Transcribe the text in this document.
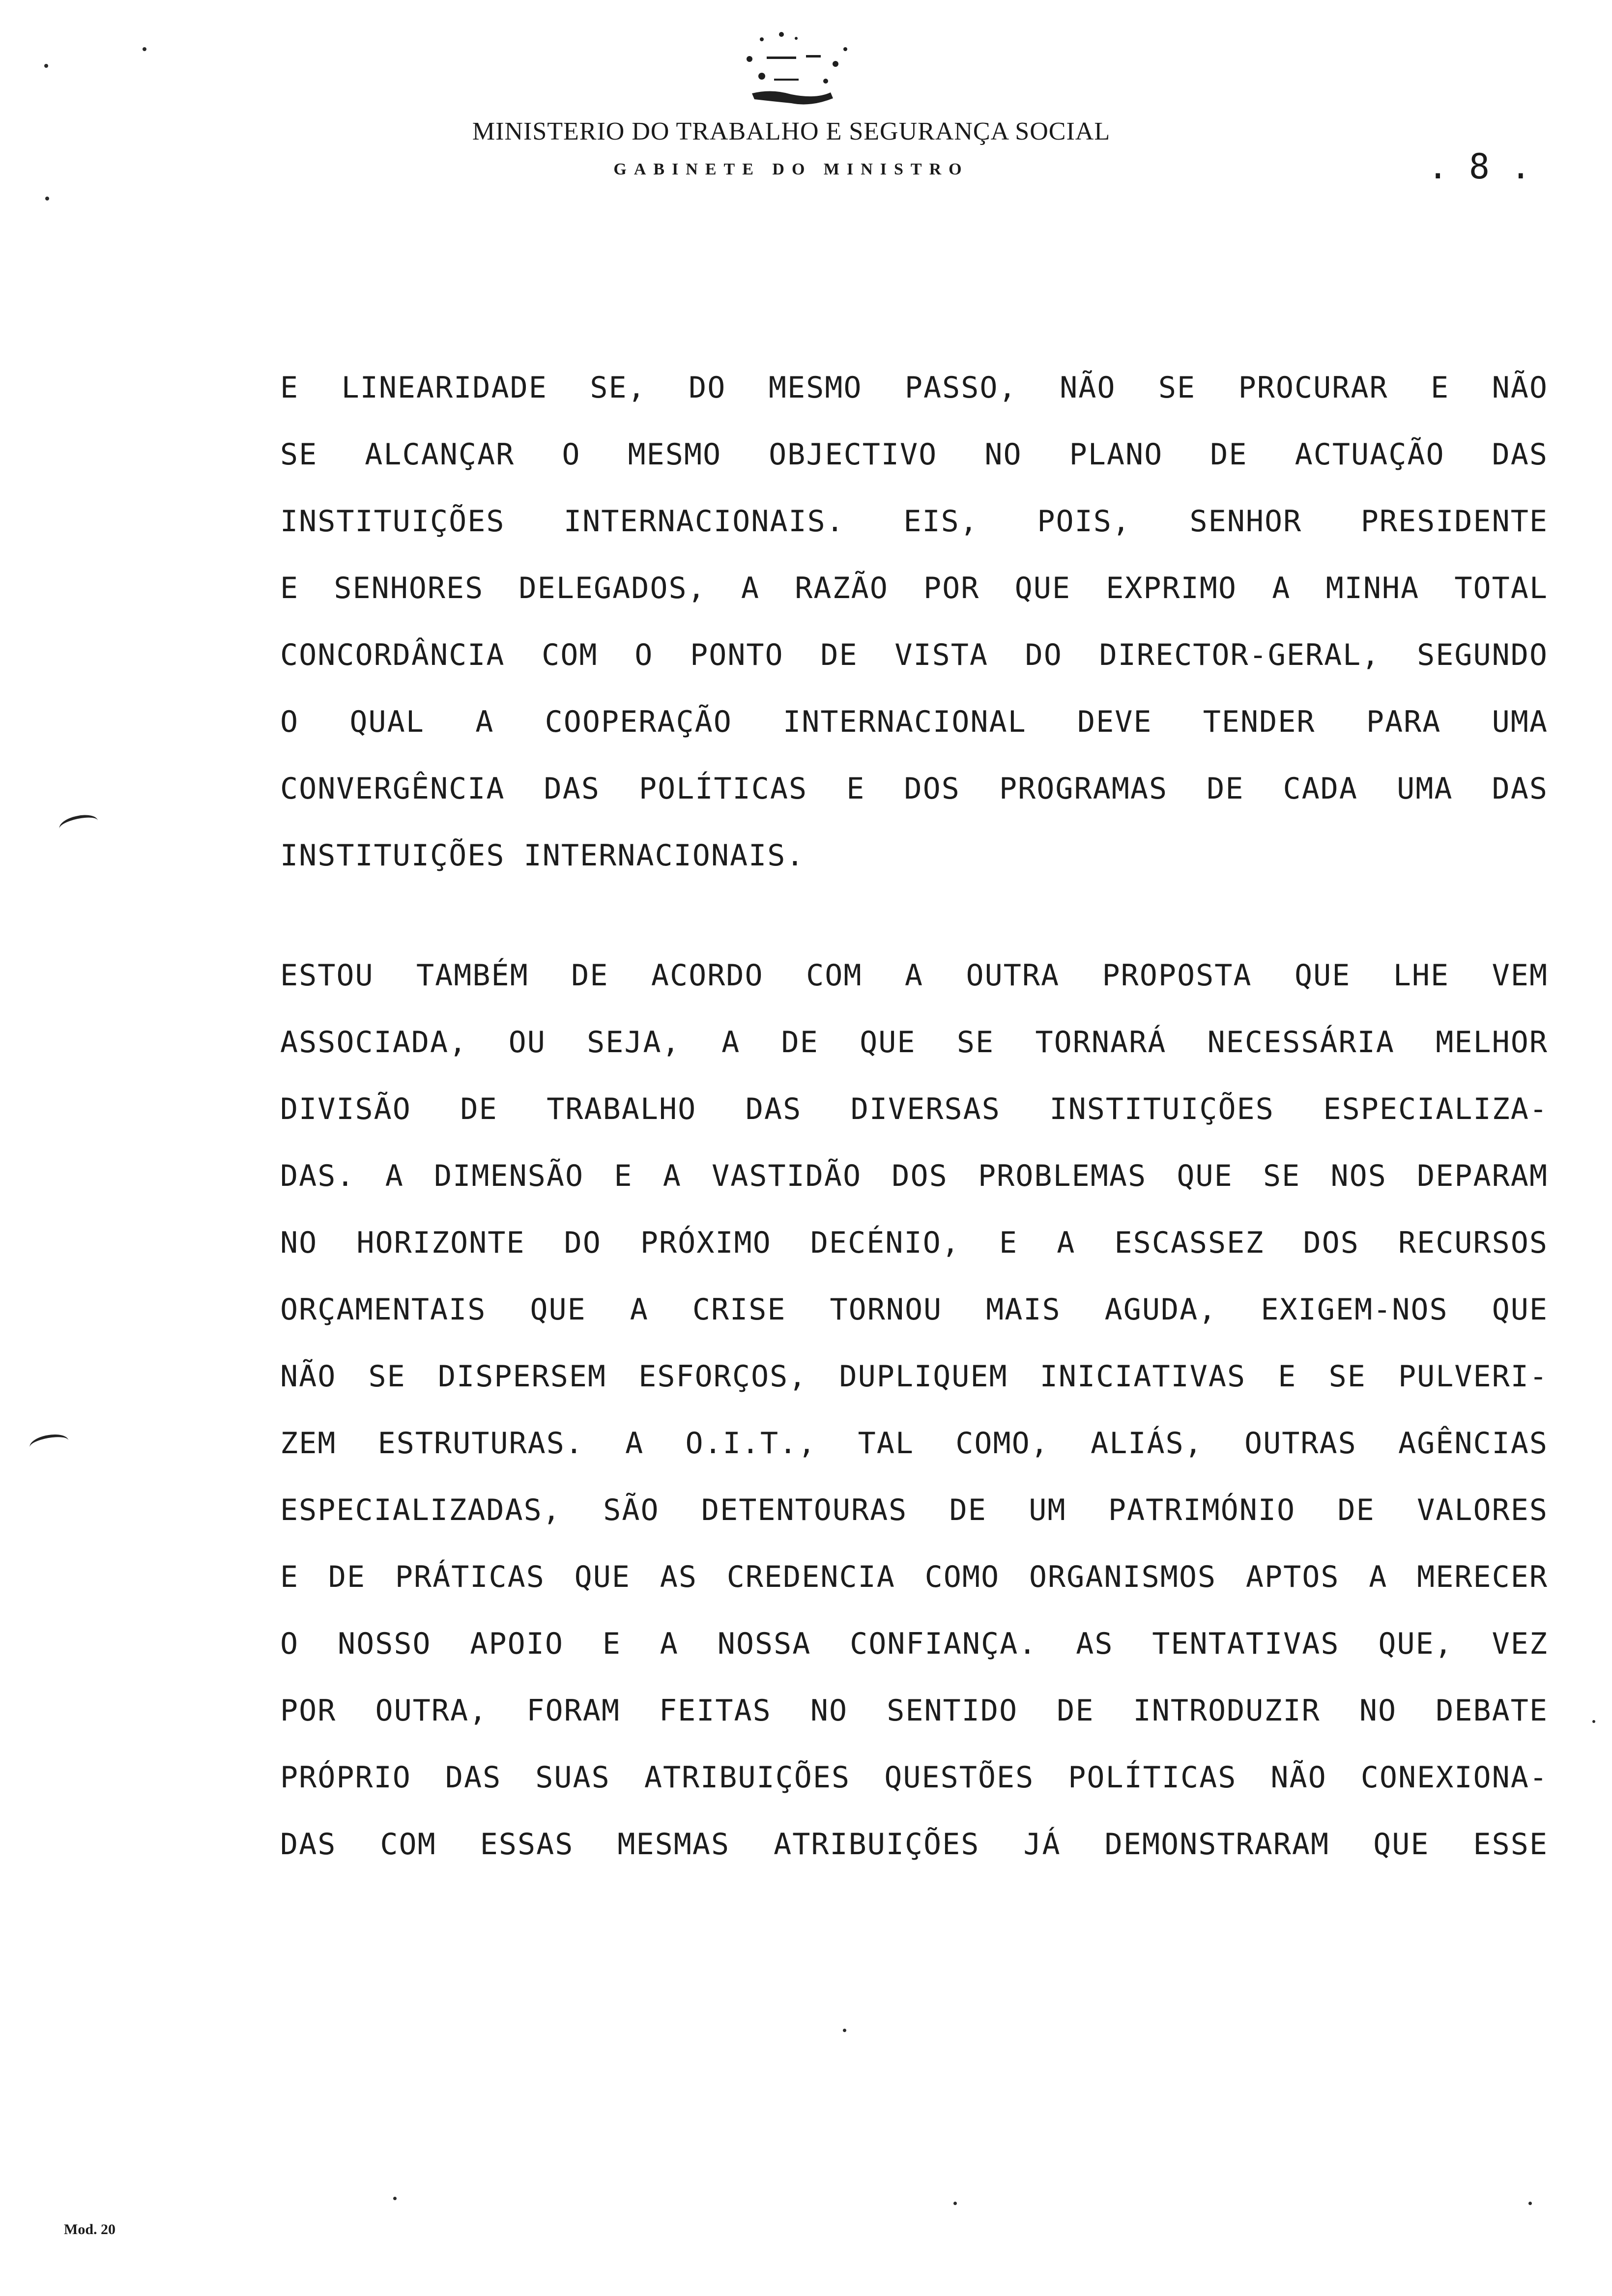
MINISTERIO DO TRABALHO E SEGURANÇA SOCIAL
GABINETE DO MINISTRO	. 8 .
E LINEARIDADE SE, DO MESMO PASSO, NÃO SE PROCURAR E NÃO
SE ALCANÇAR O MESMO OBJECTIVO NO PLANO DE ACTUAÇÃO DAS
INSTITUIÇÕES INTERNACIONAIS. EIS, POIS, SENHOR PRESIDENTE
E SENHORES DELEGADOS, A RAZÃO POR QUE EXPRIMO A MINHA TOTAL
CONCORDÂNCIA COM O PONTO DE VISTA DO DIRECTOR-GERAL, SEGUNDO
O QUAL A COOPERAÇÃO INTERNACIONAL DEVE TENDER PARA UMA
CONVERGÊNCIA DAS POLÍTICAS E DOS PROGRAMAS DE CADA UMA DAS
INSTITUIÇÕES INTERNACIONAIS.
ESTOU TAMBÉM DE ACORDO COM A OUTRA PROPOSTA QUE LHE VEM
ASSOCIADA, OU SEJA, A DE QUE SE TORNARÁ NECESSÁRIA MELHOR
DIVISÃO DE TRABALHO DAS DIVERSAS INSTITUIÇÕES ESPECIALIZA-
DAS. A DIMENSÃO E A VASTIDÃO DOS PROBLEMAS QUE SE NOS DEPARAM
NO HORIZONTE DO PRÓXIMO DECÉNIO, E A ESCASSEZ DOS RECURSOS
ORÇAMENTAIS QUE A CRISE TORNOU MAIS AGUDA, EXIGEM-NOS QUE
NÃO SE DISPERSEM ESFORÇOS, DUPLIQUEM INICIATIVAS E SE PULVERI-
ZEM ESTRUTURAS. A O.I.T., TAL COMO, ALIÁS, OUTRAS AGÊNCIAS
ESPECIALIZADAS, SÃO DETENTOURAS DE UM PATRIMÓNIO DE VALORES
E DE PRÁTICAS QUE AS CREDENCIA COMO ORGANISMOS APTOS A MERECER
O NOSSO APOIO E A NOSSA CONFIANÇA. AS TENTATIVAS QUE, VEZ
POR OUTRA, FORAM FEITAS NO SENTIDO DE INTRODUZIR NO DEBATE
PRÓPRIO DAS SUAS ATRIBUIÇÕES QUESTÕES POLÍTICAS NÃO CONEXIONA-
DAS COM ESSAS MESMAS ATRIBUIÇÕES JÁ DEMONSTRARAM QUE ESSE
Mod. 20
